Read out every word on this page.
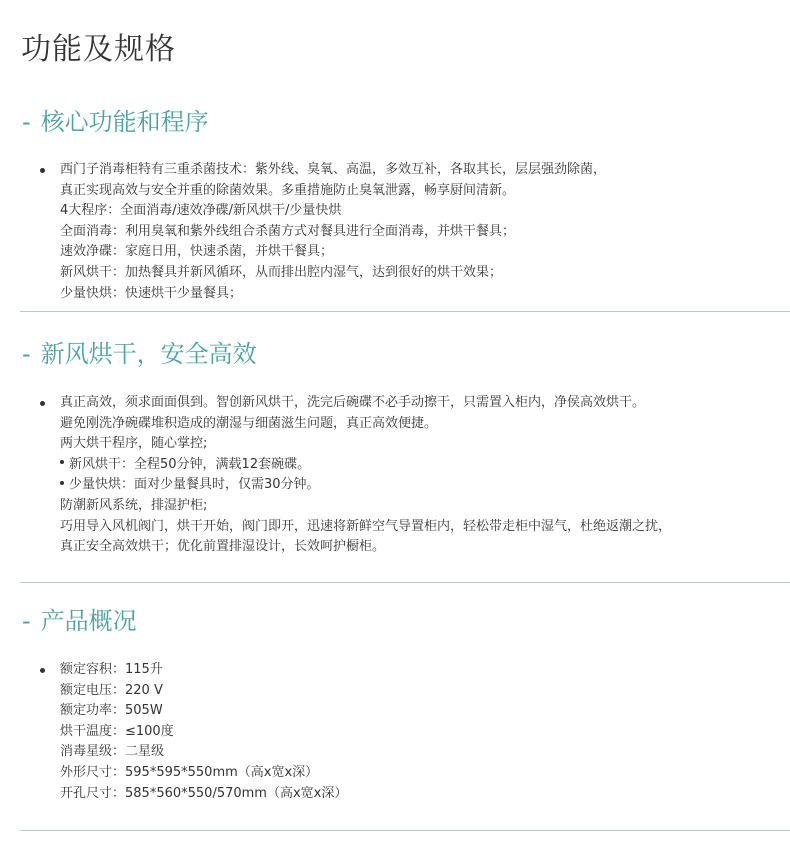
功能及规格
- 核心功能和程序
西门子消毒柜特有三重杀菌技术：紫外线、臭氧、高温，多效互补，各取其长，层层强劲除菌，
真正实现高效与安全并重的除菌效果。多重措施防止臭氧泄露，畅享厨间清新。
4大程序：全面消毒/速效净碟/新风烘干/少量快烘
全面消毒：利用臭氧和紫外线组合杀菌方式对餐具进行全面消毒，并烘干餐具；
速效净碟：家庭日用，快速杀菌，并烘干餐具；
新风烘干：加热餐具并新风循环，从而排出腔内湿气，达到很好的烘干效果；
少量快烘：快速烘干少量餐具；
- 新风烘干，安全高效
真正高效，须求面面俱到。智创新风烘干，洗完后碗碟不必手动擦干，只需置入柜内，净侯高效烘干。
避免刚洗净碗碟堆积造成的潮湿与细菌滋生问题，真正高效便捷。
两大烘干程序，随心掌控;
新风烘干：全程50分钟，满载12套碗碟。
少量快烘：面对少量餐具时，仅需30分钟。
防潮新风系统，排湿护柜;
巧用导入风机阀门，烘干开始，阀门即开，迅速将新鲜空气导置柜内，轻松带走柜中湿气，杜绝返潮之扰，
真正安全高效烘干；优化前置排湿设计，长效呵护橱柜。
- 产品概况
额定容积：115升
额定电压：220 V
额定功率：505W
烘干温度：≤100度
消毒星级：二星级
外形尺寸：595*595*550mm（高x宽x深）
开孔尺寸：585*560*550/570mm（高x宽x深）
